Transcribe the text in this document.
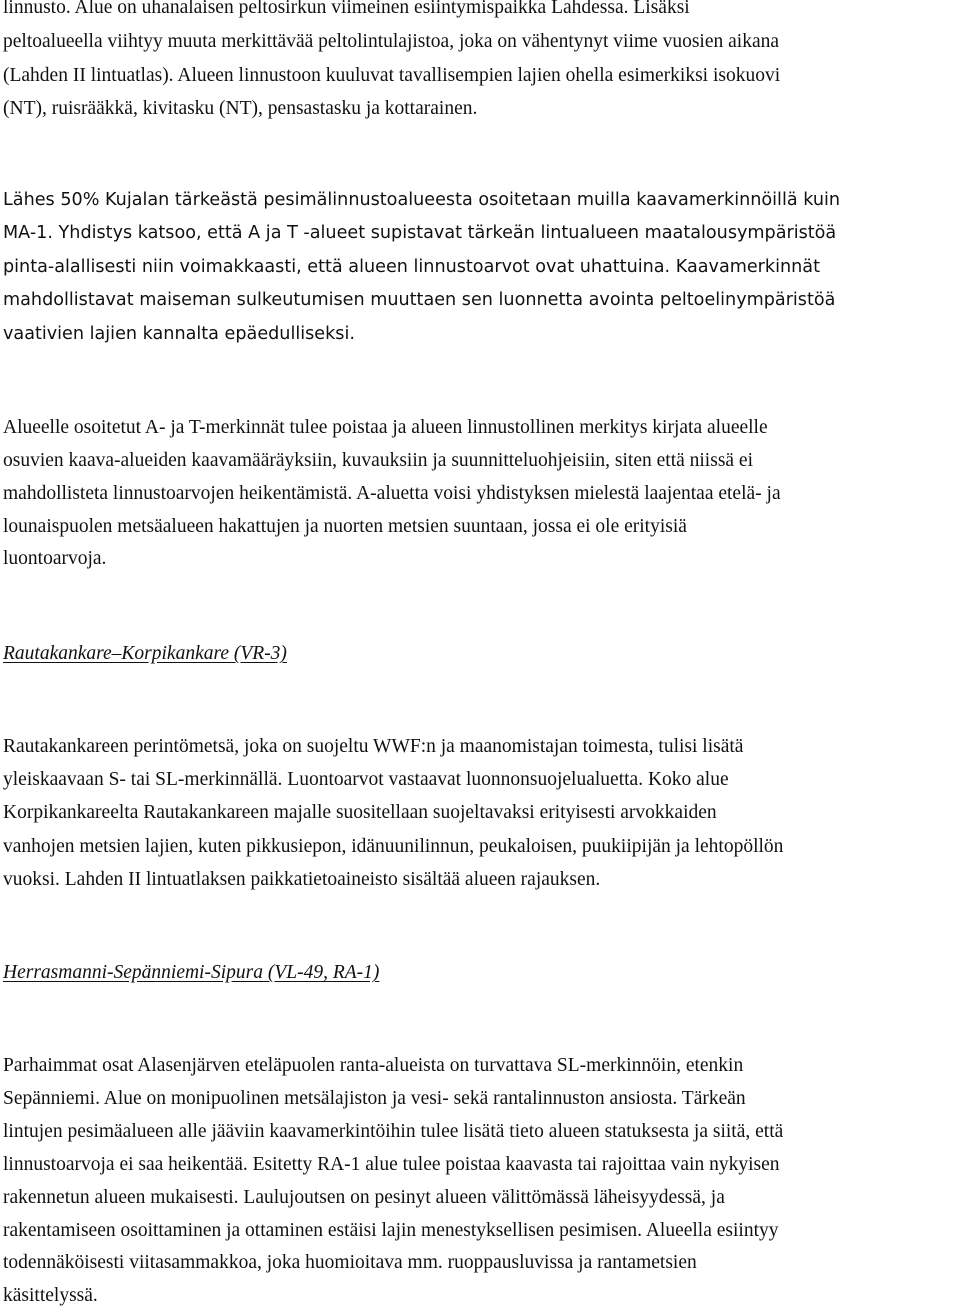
linnusto. Alue on uhanalaisen peltosirkun viimeinen esiintymispaikka Lahdessa. Lisäksi
peltoalueella viihtyy muuta merkittävää peltolintulajistoa, joka on vähentynyt viime vuosien aikana
(Lahden II lintuatlas). Alueen linnustoon kuuluvat tavallisempien lajien ohella esimerkiksi isokuovi
(NT), ruisrääkkä, kivitasku (NT), pensastasku ja kottarainen.
Lähes 50% Kujalan tärkeästä pesimälinnustoalueesta osoitetaan muilla kaavamerkinnöillä kuin
MA-1. Yhdistys katsoo, että A ja T -alueet supistavat tärkeän lintualueen maatalousympäristöä
pinta-alallisesti niin voimakkaasti, että alueen linnustoarvot ovat uhattuina. Kaavamerkinnät
mahdollistavat maiseman sulkeutumisen muuttaen sen luonnetta avointa peltoelinympäristöä
vaativien lajien kannalta epäedulliseksi.
Alueelle osoitetut A- ja T-merkinnät tulee poistaa ja alueen linnustollinen merkitys kirjata alueelle
osuvien kaava-alueiden kaavamääräyksiin, kuvauksiin ja suunnitteluohjeisiin, siten että niissä ei
mahdollisteta linnustoarvojen heikentämistä. A-aluetta voisi yhdistyksen mielestä laajentaa etelä- ja
lounaispuolen metsäalueen hakattujen ja nuorten metsien suuntaan, jossa ei ole erityisiä
luontoarvoja.
Rautakankare–Korpikankare (VR-3)
Rautakankareen perintömetsä, joka on suojeltu WWF:n ja maanomistajan toimesta, tulisi lisätä
yleiskaavaan S- tai SL-merkinnällä. Luontoarvot vastaavat luonnonsuojelualuetta. Koko alue
Korpikankareelta Rautakankareen majalle suositellaan suojeltavaksi erityisesti arvokkaiden
vanhojen metsien lajien, kuten pikkusiepon, idänuunilinnun, peukaloisen, puukiipijän ja lehtopöllön
vuoksi. Lahden II lintuatlaksen paikkatietoaineisto sisältää alueen rajauksen.
Herrasmanni-Sepänniemi-Sipura (VL-49, RA-1)
Parhaimmat osat Alasenjärven eteläpuolen ranta-alueista on turvattava SL-merkinnöin, etenkin
Sepänniemi. Alue on monipuolinen metsälajiston ja vesi- sekä rantalinnuston ansiosta. Tärkeän
lintujen pesimäalueen alle jääviin kaavamerkintöihin tulee lisätä tieto alueen statuksesta ja siitä, että
linnustoarvoja ei saa heikentää. Esitetty RA-1 alue tulee poistaa kaavasta tai rajoittaa vain nykyisen
rakennetun alueen mukaisesti. Laulujoutsen on pesinyt alueen välittömässä läheisyydessä, ja
rakentamiseen osoittaminen ja ottaminen estäisi lajin menestyksellisen pesimisen. Alueella esiintyy
todennäköisesti viitasammakkoa, joka huomioitava mm. ruoppausluvissa ja rantametsien
käsittelyssä.
